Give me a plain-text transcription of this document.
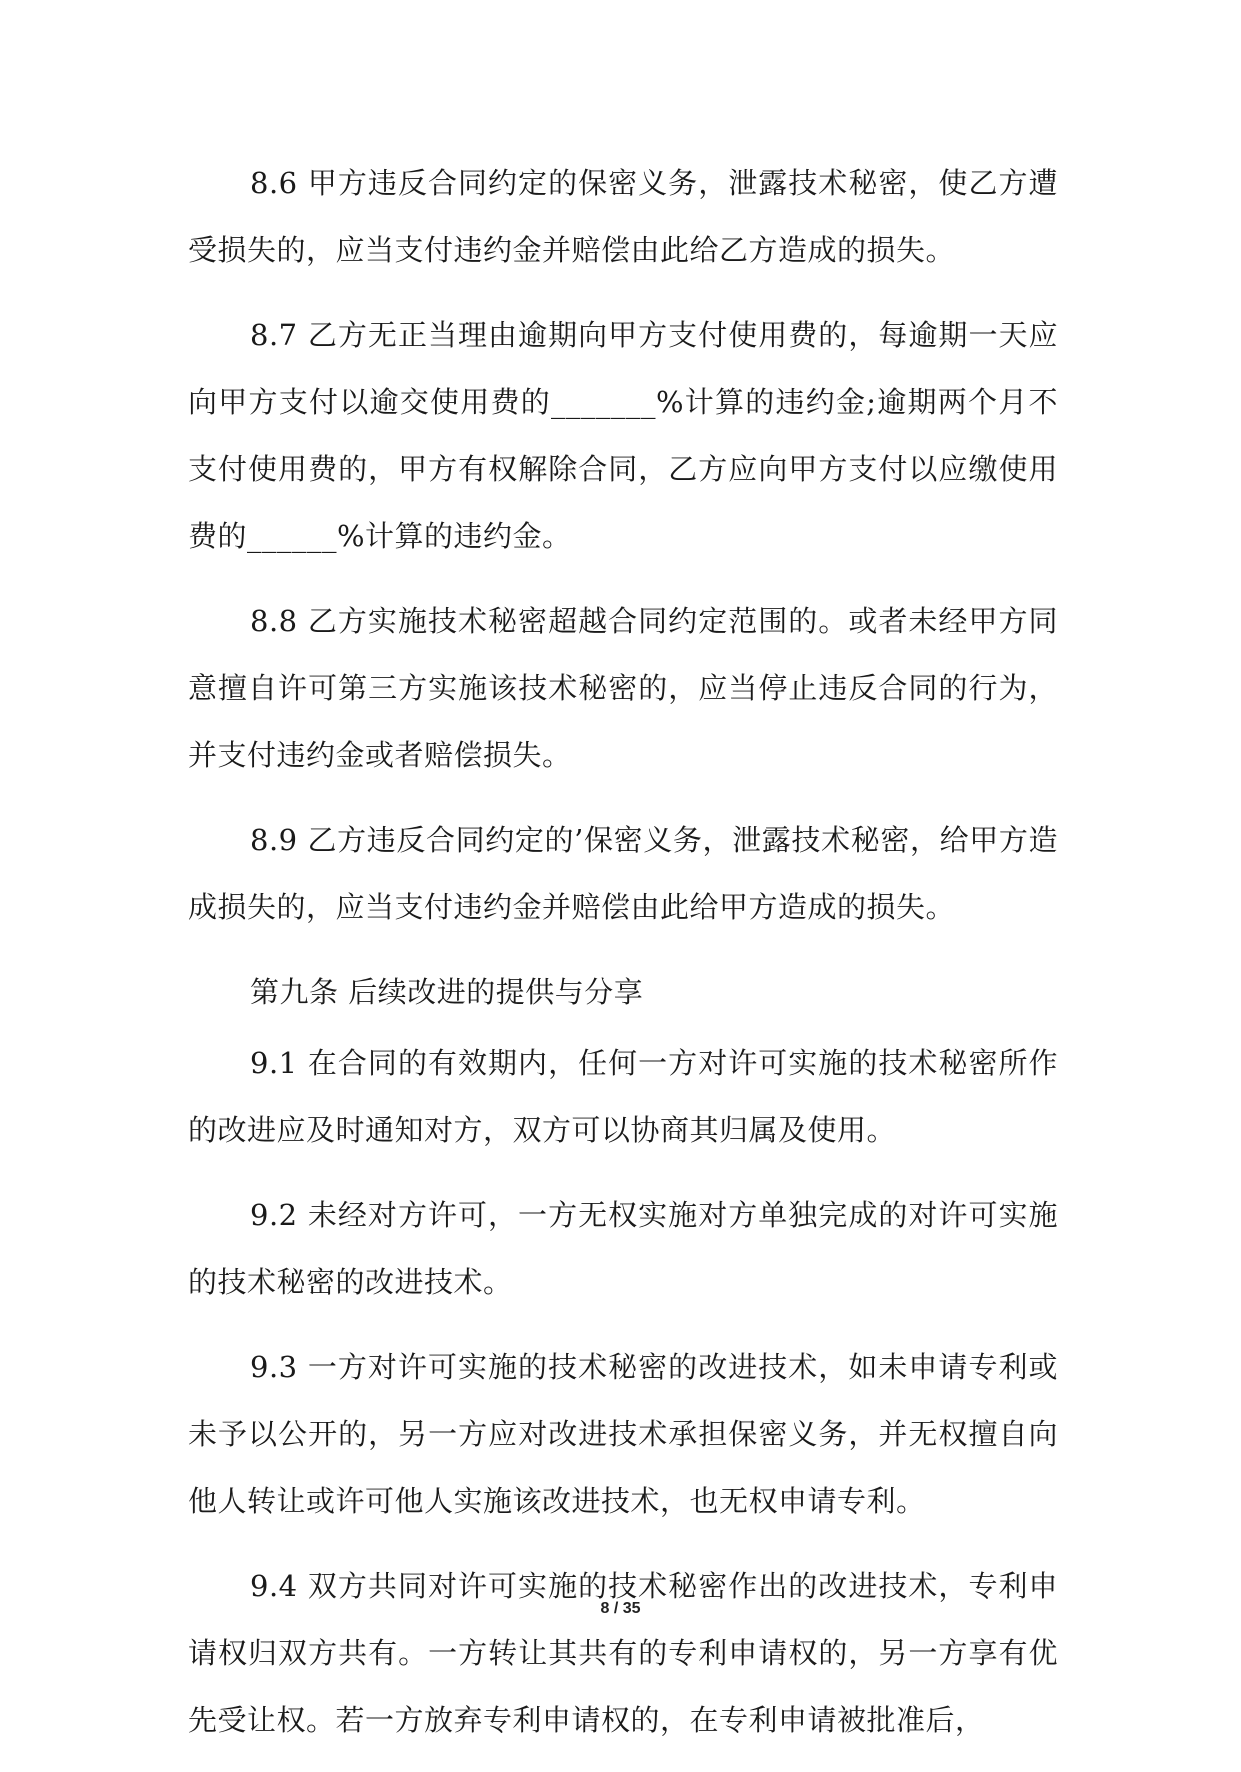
8.6 甲方违反合同约定的保密义务，泄露技术秘密，使乙方遭受损失的，应当支付违约金并赔偿由此给乙方造成的损失。

8.7 乙方无正当理由逾期向甲方支付使用费的，每逾期一天应向甲方支付以逾交使用费的_______%计算的违约金;逾期两个月不支付使用费的，甲方有权解除合同，乙方应向甲方支付以应缴使用费的______%计算的违约金。

8.8 乙方实施技术秘密超越合同约定范围的。或者未经甲方同意擅自许可第三方实施该技术秘密的，应当停止违反合同的行为，并支付违约金或者赔偿损失。

8.9 乙方违反合同约定的’保密义务，泄露技术秘密，给甲方造成损失的，应当支付违约金并赔偿由此给甲方造成的损失。

第九条 后续改进的提供与分享

9.1 在合同的有效期内，任何一方对许可实施的技术秘密所作的改进应及时通知对方，双方可以协商其归属及使用。

9.2 未经对方许可，一方无权实施对方单独完成的对许可实施的技术秘密的改进技术。

9.3 一方对许可实施的技术秘密的改进技术，如未申请专利或未予以公开的，另一方应对改进技术承担保密义务，并无权擅自向他人转让或许可他人实施该改进技术，也无权申请专利。

9.4 双方共同对许可实施的技术秘密作出的改进技术，专利申请权归双方共有。一方转让其共有的专利申请权的，另一方享有优先受让权。若一方放弃专利申请权的，在专利申请被批准后，

8 / 35
